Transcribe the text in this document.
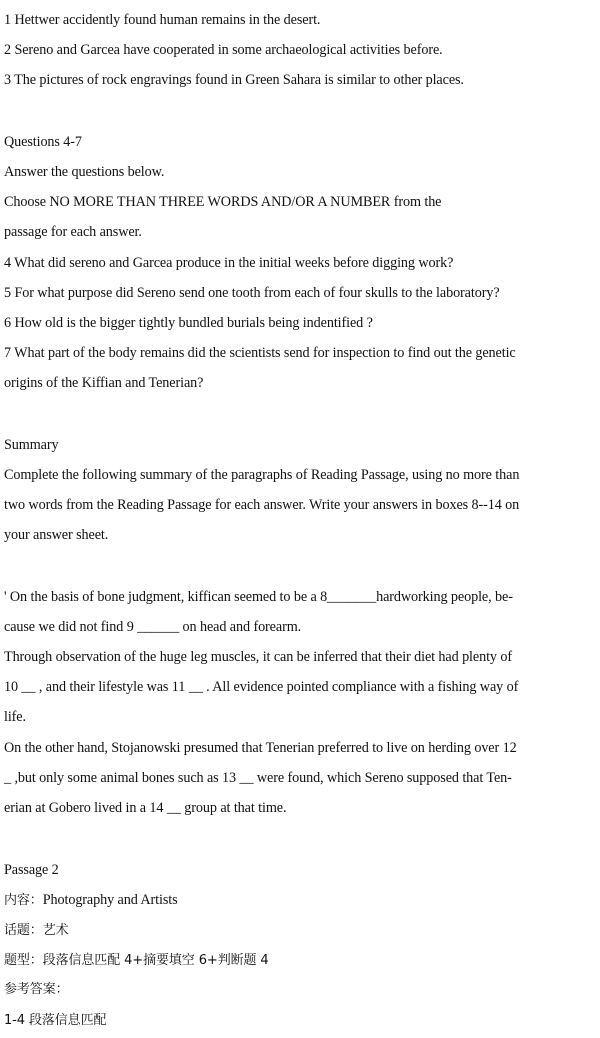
1 Hettwer accidently found human remains in the desert.
2 Sereno and Garcea have cooperated in some archaeological activities before.
3 The pictures of rock engravings found in Green Sahara is similar to other places.
Questions 4-7
Answer the questions below.
Choose NO MORE THAN THREE WORDS AND/OR A NUMBER from the
passage for each answer.
4 What did sereno and Garcea produce in the initial weeks before digging work?
5 For what purpose did Sereno send one tooth from each of four skulls to the laboratory?
6 How old is the bigger tightly bundled burials being indentified ?
7 What part of the body remains did the scientists send for inspection to find out the genetic
origins of the Kiffian and Tenerian?
Summary
Complete the following summary of the paragraphs of Reading Passage, using no more than
two words from the Reading Passage for each answer. Write your answers in boxes 8--14 on
your answer sheet.
' On the basis of bone judgment, kiffican seemed to be a 8_______hardworking people, be-
cause we did not find 9 ______ on head and forearm.
Through observation of the huge leg muscles, it can be inferred that their diet had plenty of
10 __ , and their lifestyle was 11 __ . All evidence pointed compliance with a fishing way of
life.
On the other hand, Stojanowski presumed that Tenerian preferred to live on herding over 12
_ ,but only some animal bones such as 13 __ were found, which Sereno supposed that Ten-
erian at Gobero lived in a 14 __ group at that time.
Passage 2
内容：Photography and Artists
话题：艺术
题型：段落信息匹配 4+摘要填空 6+判断题 4
参考答案：
1-4 段落信息匹配
